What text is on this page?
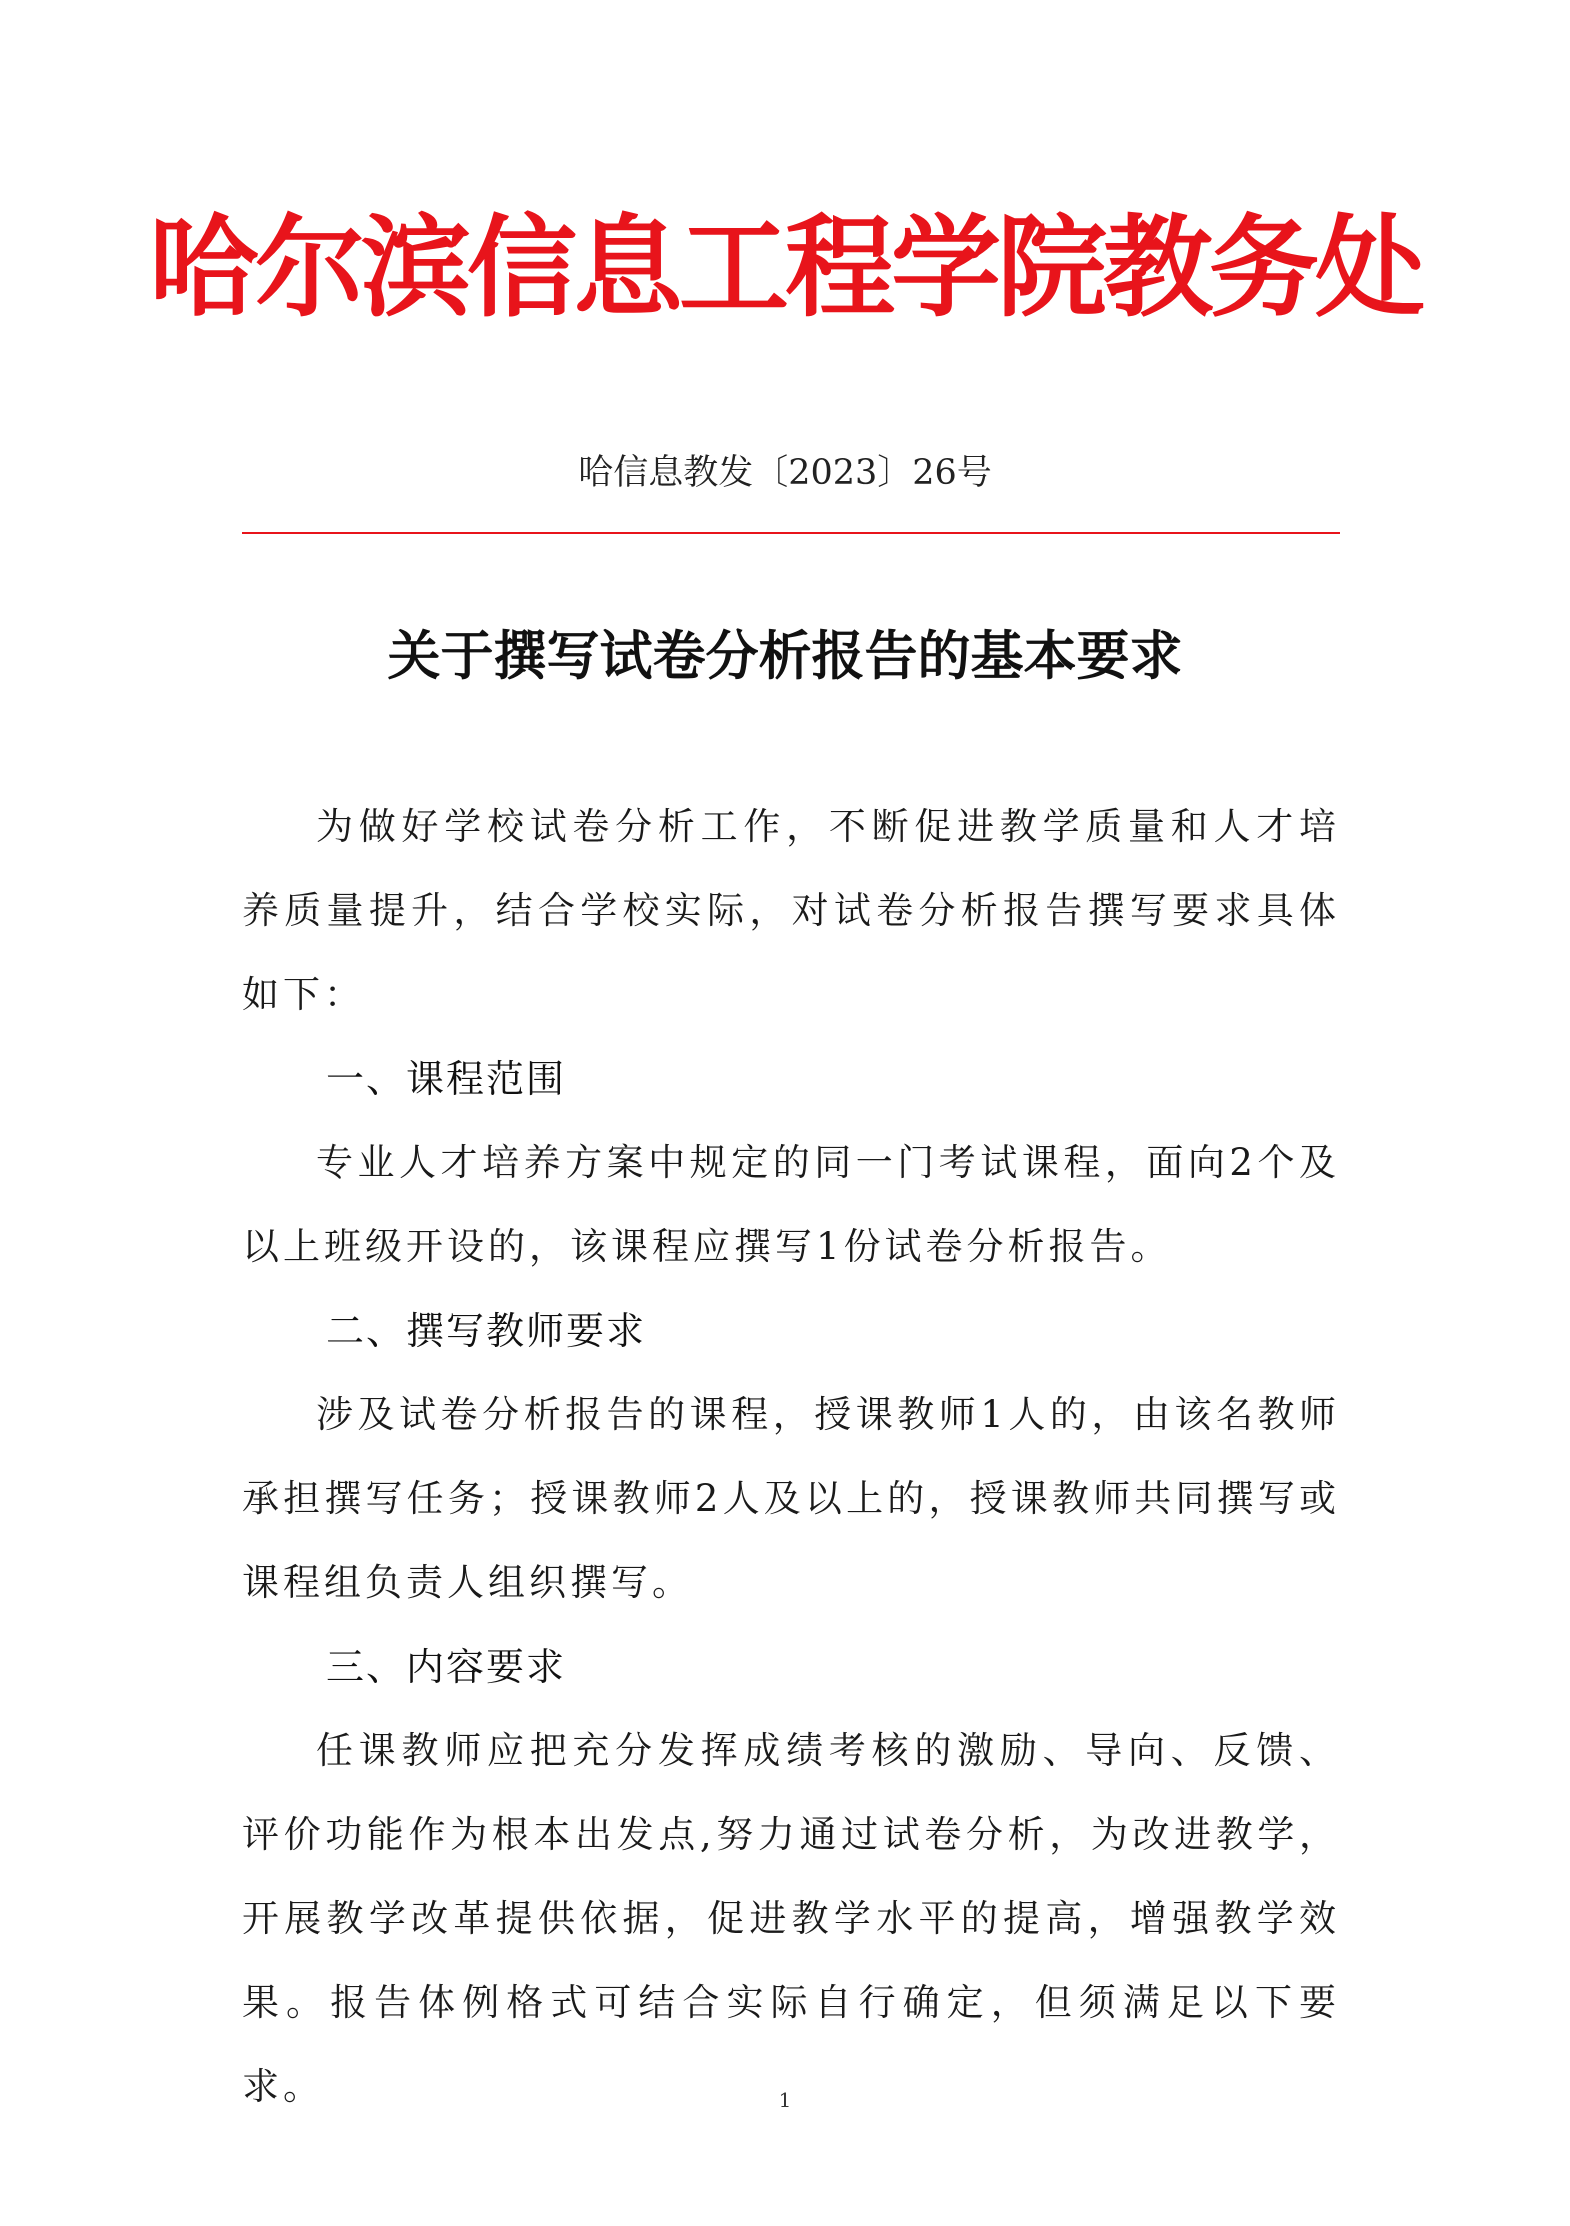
哈尔滨信息工程学院教务处
哈信息教发〔2023〕26号
关于撰写试卷分析报告的基本要求

为做好学校试卷分析工作，不断促进教学质量和人才培养质量提升，结合学校实际，对试卷分析报告撰写要求具体如下：

一、课程范围

专业人才培养方案中规定的同一门考试课程，面向2个及以上班级开设的，该课程应撰写1份试卷分析报告。

二、撰写教师要求

涉及试卷分析报告的课程，授课教师1人的，由该名教师承担撰写任务；授课教师2人及以上的，授课教师共同撰写或课程组负责人组织撰写。

三、内容要求

任课教师应把充分发挥成绩考核的激励、导向、反馈、评价功能作为根本出发点,努力通过试卷分析，为改进教学，开展教学改革提供依据，促进教学水平的提高，增强教学效果。报告体例格式可结合实际自行确定，但须满足以下要求。	1
